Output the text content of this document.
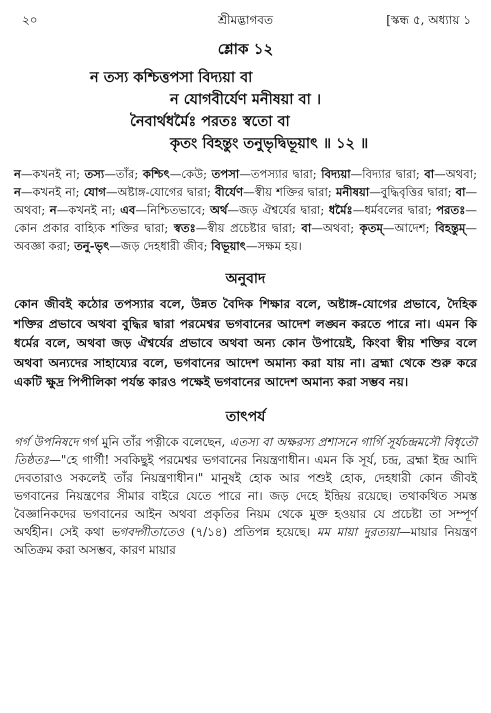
২০	শ্রীমদ্ভাগবত	[স্কন্ধ ৫, অধ্যায় ১
শ্লোক ১২
ন তস্য কশ্চিত্তপসা বিদ্যয়া বা
ন যোগবীর্যেণ মনীষয়া বা ।
নৈবার্থধর্মৈঃ পরতঃ স্বতো বা
কৃতং বিহন্তুং তনুভৃদ্বিভূয়াৎ ॥ ১২ ॥
ন—কখনই না; তস্য—তাঁর; কশ্চিৎ—কেউ; তপসা—তপস্যার দ্বারা; বিদ্যয়া—বিদ্যার দ্বারা; বা—অথবা; ন—কখনই না; যোগ—অষ্টাঙ্গ-যোগের দ্বারা; বীর্যেণ—স্বীয় শক্তির দ্বারা; মনীষয়া—বুদ্ধিবৃত্তির দ্বারা; বা—অথবা; ন—কখনই না; এব—নিশ্চিতভাবে; অর্থ—জড় ঐশ্বর্যের দ্বারা; ধর্মৈঃ—ধর্মবলের দ্বারা; পরতঃ—কোন প্রকার বাহ্যিক শক্তির দ্বারা; স্বতঃ—স্বীয় প্রচেষ্টার দ্বারা; বা—অথবা; কৃতম্—আদেশ; বিহন্তুম্—অবজ্ঞা করা; তনু-ভৃৎ—জড় দেহধারী জীব; বিভূয়াৎ—সক্ষম হয়।
অনুবাদ
কোন জীবই কঠোর তপস্যার বলে, উন্নত বৈদিক শিক্ষার বলে, অষ্টাঙ্গ-যোগের প্রভাবে, দৈহিক শক্তির প্রভাবে অথবা বুদ্ধির দ্বারা পরমেশ্বর ভগবানের আদেশ লঙ্ঘন করতে পারে না। এমন কি ধর্মের বলে, অথবা জড় ঐশ্বর্যের প্রভাবে অথবা অন্য কোন উপায়েই, কিংবা স্বীয় শক্তির বলে অথবা অন্যদের সাহায্যের বলে, ভগবানের আদেশ অমান্য করা যায় না। ব্রহ্মা থেকে শুরু করে একটি ক্ষুদ্র পিপীলিকা পর্যন্ত কারও পক্ষেই ভগবানের আদেশ অমান্য করা সম্ভব নয়।
তাৎপর্য
গর্গ উপনিষদে গর্গ মুনি তাঁর পত্নীকে বলেছেন, এতস্য বা অক্ষরস্য প্রশাসনে গার্গি সূর্যচন্দ্রমসৌ বিধৃতৌ তিষ্ঠতঃ—"হে গার্গী! সবকিছুই পরমেশ্বর ভগবানের নিয়ন্ত্রণাধীন। এমন কি সূর্য, চন্দ্র, ব্রহ্মা ইন্দ্র আদি দেবতারাও সকলেই তাঁর নিয়ন্ত্রণাধীন।" মানুষই হোক আর পশুই হোক, দেহধারী কোন জীবই ভগবানের নিয়ন্ত্রণের সীমার বাইরে যেতে পারে না। জড় দেহে ইন্দ্রিয় রয়েছে। তথাকথিত সমস্ত বৈজ্ঞানিকদের ভগবানের আইন অথবা প্রকৃতির নিয়ম থেকে মুক্ত হওয়ার যে প্রচেষ্টা তা সম্পূর্ণ অর্থহীন। সেই কথা ভগবদ্গীতাতেও (৭/১৪) প্রতিপন্ন হয়েছে। মম মায়া দুরত্যয়া—মায়ার নিয়ন্ত্রণ অতিক্রম করা অসম্ভব, কারণ মায়ার
